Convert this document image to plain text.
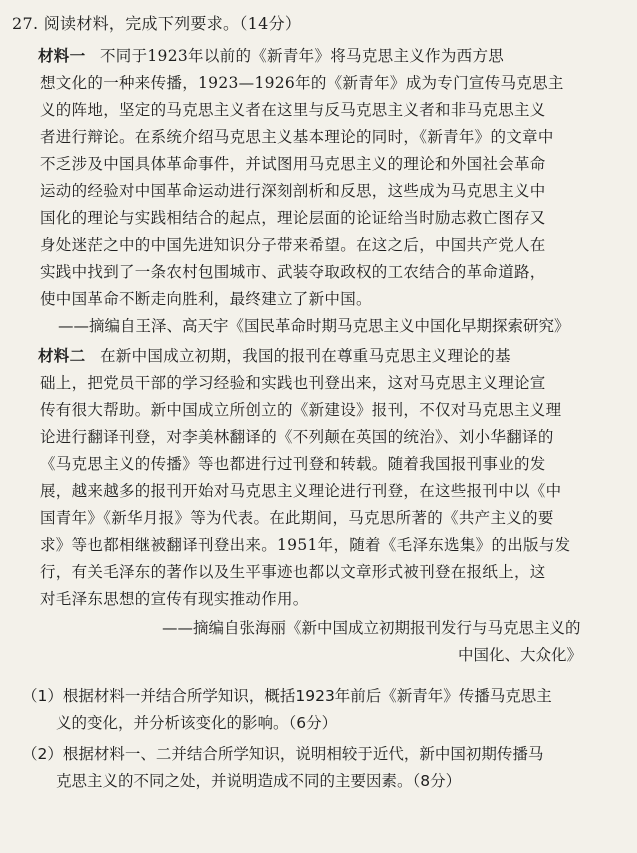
27. 阅读材料，完成下列要求。（14分）
材料一 不同于1923年以前的《新青年》将马克思主义作为西方思
想文化的一种来传播，1923—1926年的《新青年》成为专门宣传马克思主
义的阵地，坚定的马克思主义者在这里与反马克思主义者和非马克思主义
者进行辩论。在系统介绍马克思主义基本理论的同时，《新青年》的文章中
不乏涉及中国具体革命事件，并试图用马克思主义的理论和外国社会革命
运动的经验对中国革命运动进行深刻剖析和反思，这些成为马克思主义中
国化的理论与实践相结合的起点，理论层面的论证给当时励志救亡图存又
身处迷茫之中的中国先进知识分子带来希望。在这之后，中国共产党人在
实践中找到了一条农村包围城市、武装夺取政权的工农结合的革命道路，
使中国革命不断走向胜利，最终建立了新中国。
——摘编自王泽、高天宇《国民革命时期马克思主义中国化早期探索研究》
材料二 在新中国成立初期，我国的报刊在尊重马克思主义理论的基
础上，把党员干部的学习经验和实践也刊登出来，这对马克思主义理论宣
传有很大帮助。新中国成立所创立的《新建设》报刊，不仅对马克思主义理
论进行翻译刊登，对李美林翻译的《不列颠在英国的统治》、刘小华翻译的
《马克思主义的传播》等也都进行过刊登和转载。随着我国报刊事业的发
展，越来越多的报刊开始对马克思主义理论进行刊登，在这些报刊中以《中
国青年》《新华月报》等为代表。在此期间，马克思所著的《共产主义的要
求》等也都相继被翻译刊登出来。1951年，随着《毛泽东选集》的出版与发
行，有关毛泽东的著作以及生平事迹也都以文章形式被刊登在报纸上，这
对毛泽东思想的宣传有现实推动作用。
——摘编自张海丽《新中国成立初期报刊发行与马克思主义的
中国化、大众化》
（1）根据材料一并结合所学知识，概括1923年前后《新青年》传播马克思主
义的变化，并分析该变化的影响。（6分）
（2）根据材料一、二并结合所学知识，说明相较于近代，新中国初期传播马
克思主义的不同之处，并说明造成不同的主要因素。（8分）
